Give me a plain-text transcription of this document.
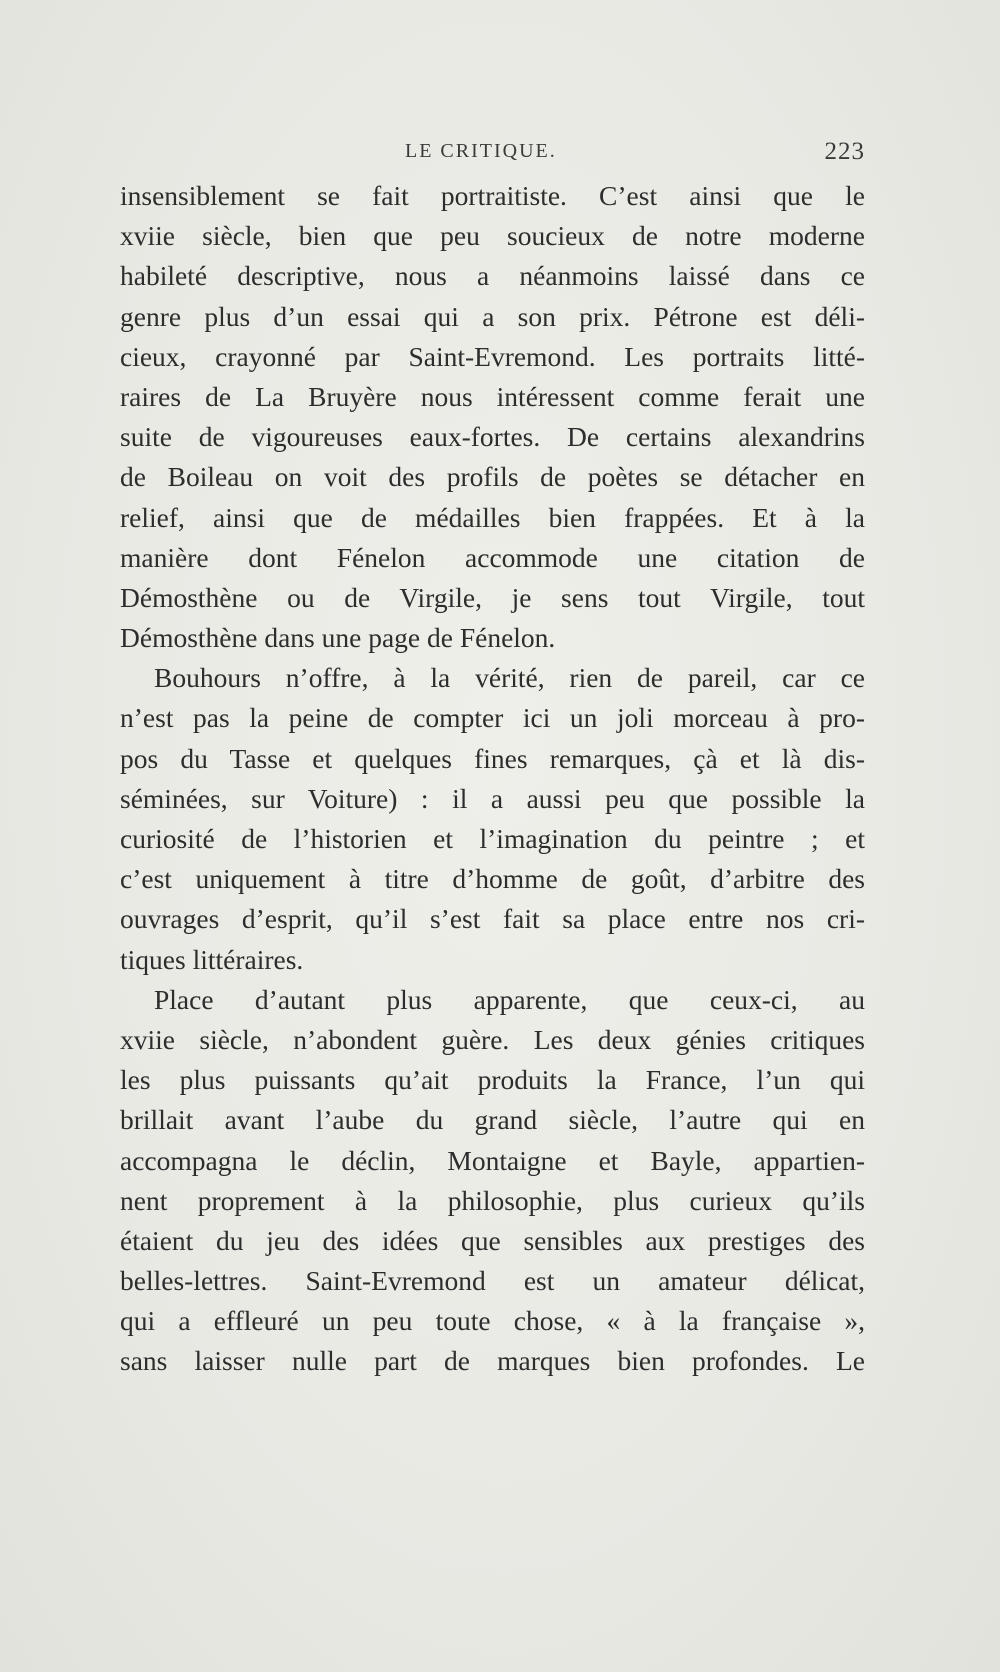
LE CRITIQUE.	223
insensiblement se fait portraitiste. C’est ainsi que le
xviie siècle, bien que peu soucieux de notre moderne
habileté descriptive, nous a néanmoins laissé dans ce
genre plus d’un essai qui a son prix. Pétrone est déli-
cieux, crayonné par Saint-Evremond. Les portraits litté-
raires de La Bruyère nous intéressent comme ferait une
suite de vigoureuses eaux-fortes. De certains alexandrins
de Boileau on voit des profils de poètes se détacher en
relief, ainsi que de médailles bien frappées. Et à la
manière dont Fénelon accommode une citation de
Démosthène ou de Virgile, je sens tout Virgile, tout
Démosthène dans une page de Fénelon.
Bouhours n’offre, à la vérité, rien de pareil, car ce
n’est pas la peine de compter ici un joli morceau à pro-
pos du Tasse et quelques fines remarques, çà et là dis-
séminées, sur Voiture) : il a aussi peu que possible la
curiosité de l’historien et l’imagination du peintre ; et
c’est uniquement à titre d’homme de goût, d’arbitre des
ouvrages d’esprit, qu’il s’est fait sa place entre nos cri-
tiques littéraires.
Place d’autant plus apparente, que ceux-ci, au
xviie siècle, n’abondent guère. Les deux génies critiques
les plus puissants qu’ait produits la France, l’un qui
brillait avant l’aube du grand siècle, l’autre qui en
accompagna le déclin, Montaigne et Bayle, appartien-
nent proprement à la philosophie, plus curieux qu’ils
étaient du jeu des idées que sensibles aux prestiges des
belles-lettres. Saint-Evremond est un amateur délicat,
qui a effleuré un peu toute chose, « à la française »,
sans laisser nulle part de marques bien profondes. Le
